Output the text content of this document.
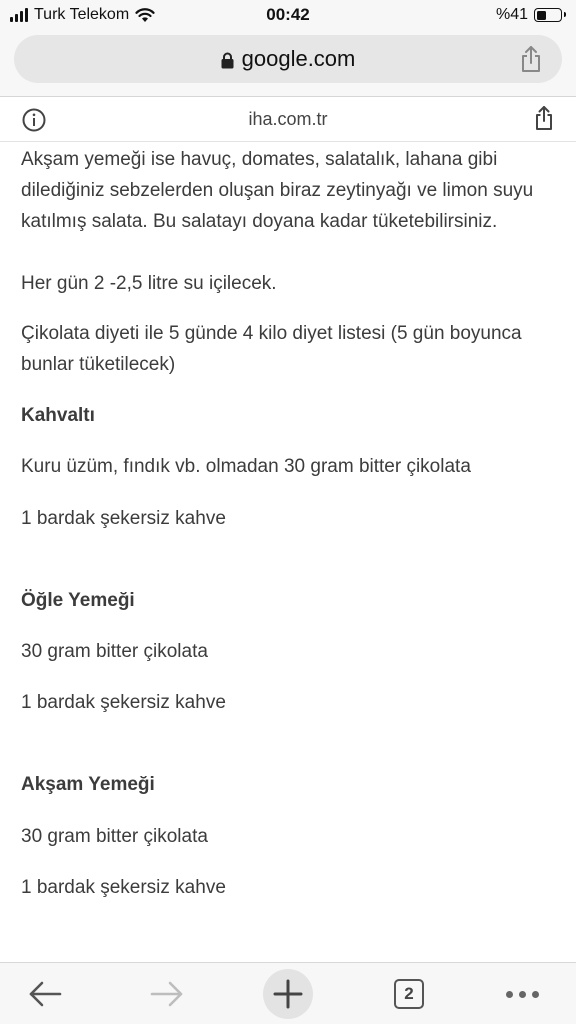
Turk Telekom	00:42	%41
google.com
iha.com.tr

Akşam yemeği ise havuç, domates, salatalık, lahana gibi dilediğiniz sebzelerden oluşan biraz zeytinyağı ve limon suyu katılmış salata. Bu salatayı doyana kadar tüketebilirsiniz.

Her gün 2 -2,5 litre su içilecek.

Çikolata diyeti ile 5 günde 4 kilo diyet listesi (5 gün boyunca bunlar tüketilecek)

Kahvaltı

Kuru üzüm, fındık vb. olmadan 30 gram bitter çikolata

1 bardak şekersiz kahve

Öğle Yemeği

30 gram bitter çikolata

1 bardak şekersiz kahve

Akşam Yemeği

30 gram bitter çikolata

1 bardak şekersiz kahve

2
